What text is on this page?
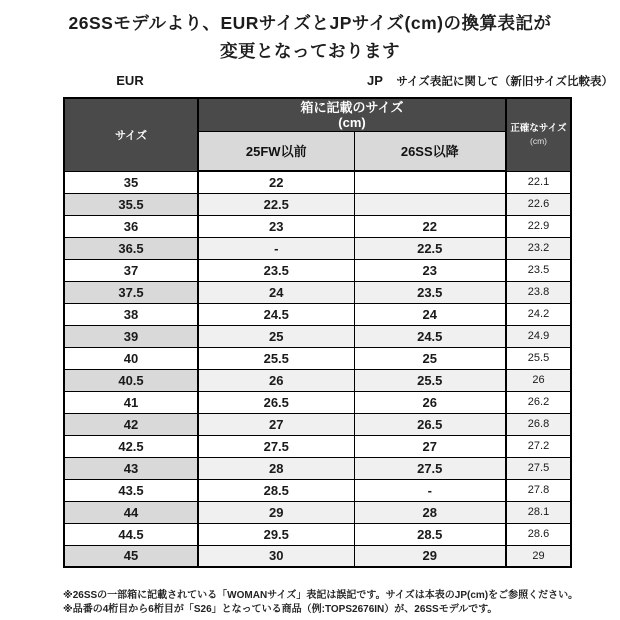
26SSモデルより、EURサイズとJPサイズ(cm)の換算表記が
変更となっております
EUR	JP	サイズ表記に関して（新旧サイズ比較表）
サイズ	
箱に記載のサイズ
(cm)	正確なサイズ
(cm)

	25FW以前	26SS以降	
35	22		22.1
35.5	22.5		22.6
36	23	22	22.9
36.5	-	22.5	23.2
37	23.5	23	23.5
37.5	24	23.5	23.8
38	24.5	24	24.2
39	25	24.5	24.9
40	25.5	25	25.5
40.5	26	25.5	26
41	26.5	26	26.2
42	27	26.5	26.8
42.5	27.5	27	27.2
43	28	27.5	27.5
43.5	28.5	-	27.8
44	29	28	28.1
44.5	29.5	28.5	28.6
45	30	29	29
※26SSの一部箱に記載されている「WOMANサイズ」表記は誤記です。サイズは本表のJP(cm)をご参照ください。
※品番の4桁目から6桁目が「S26」となっている商品（例:TOPS2676IN）が、26SSモデルです。
